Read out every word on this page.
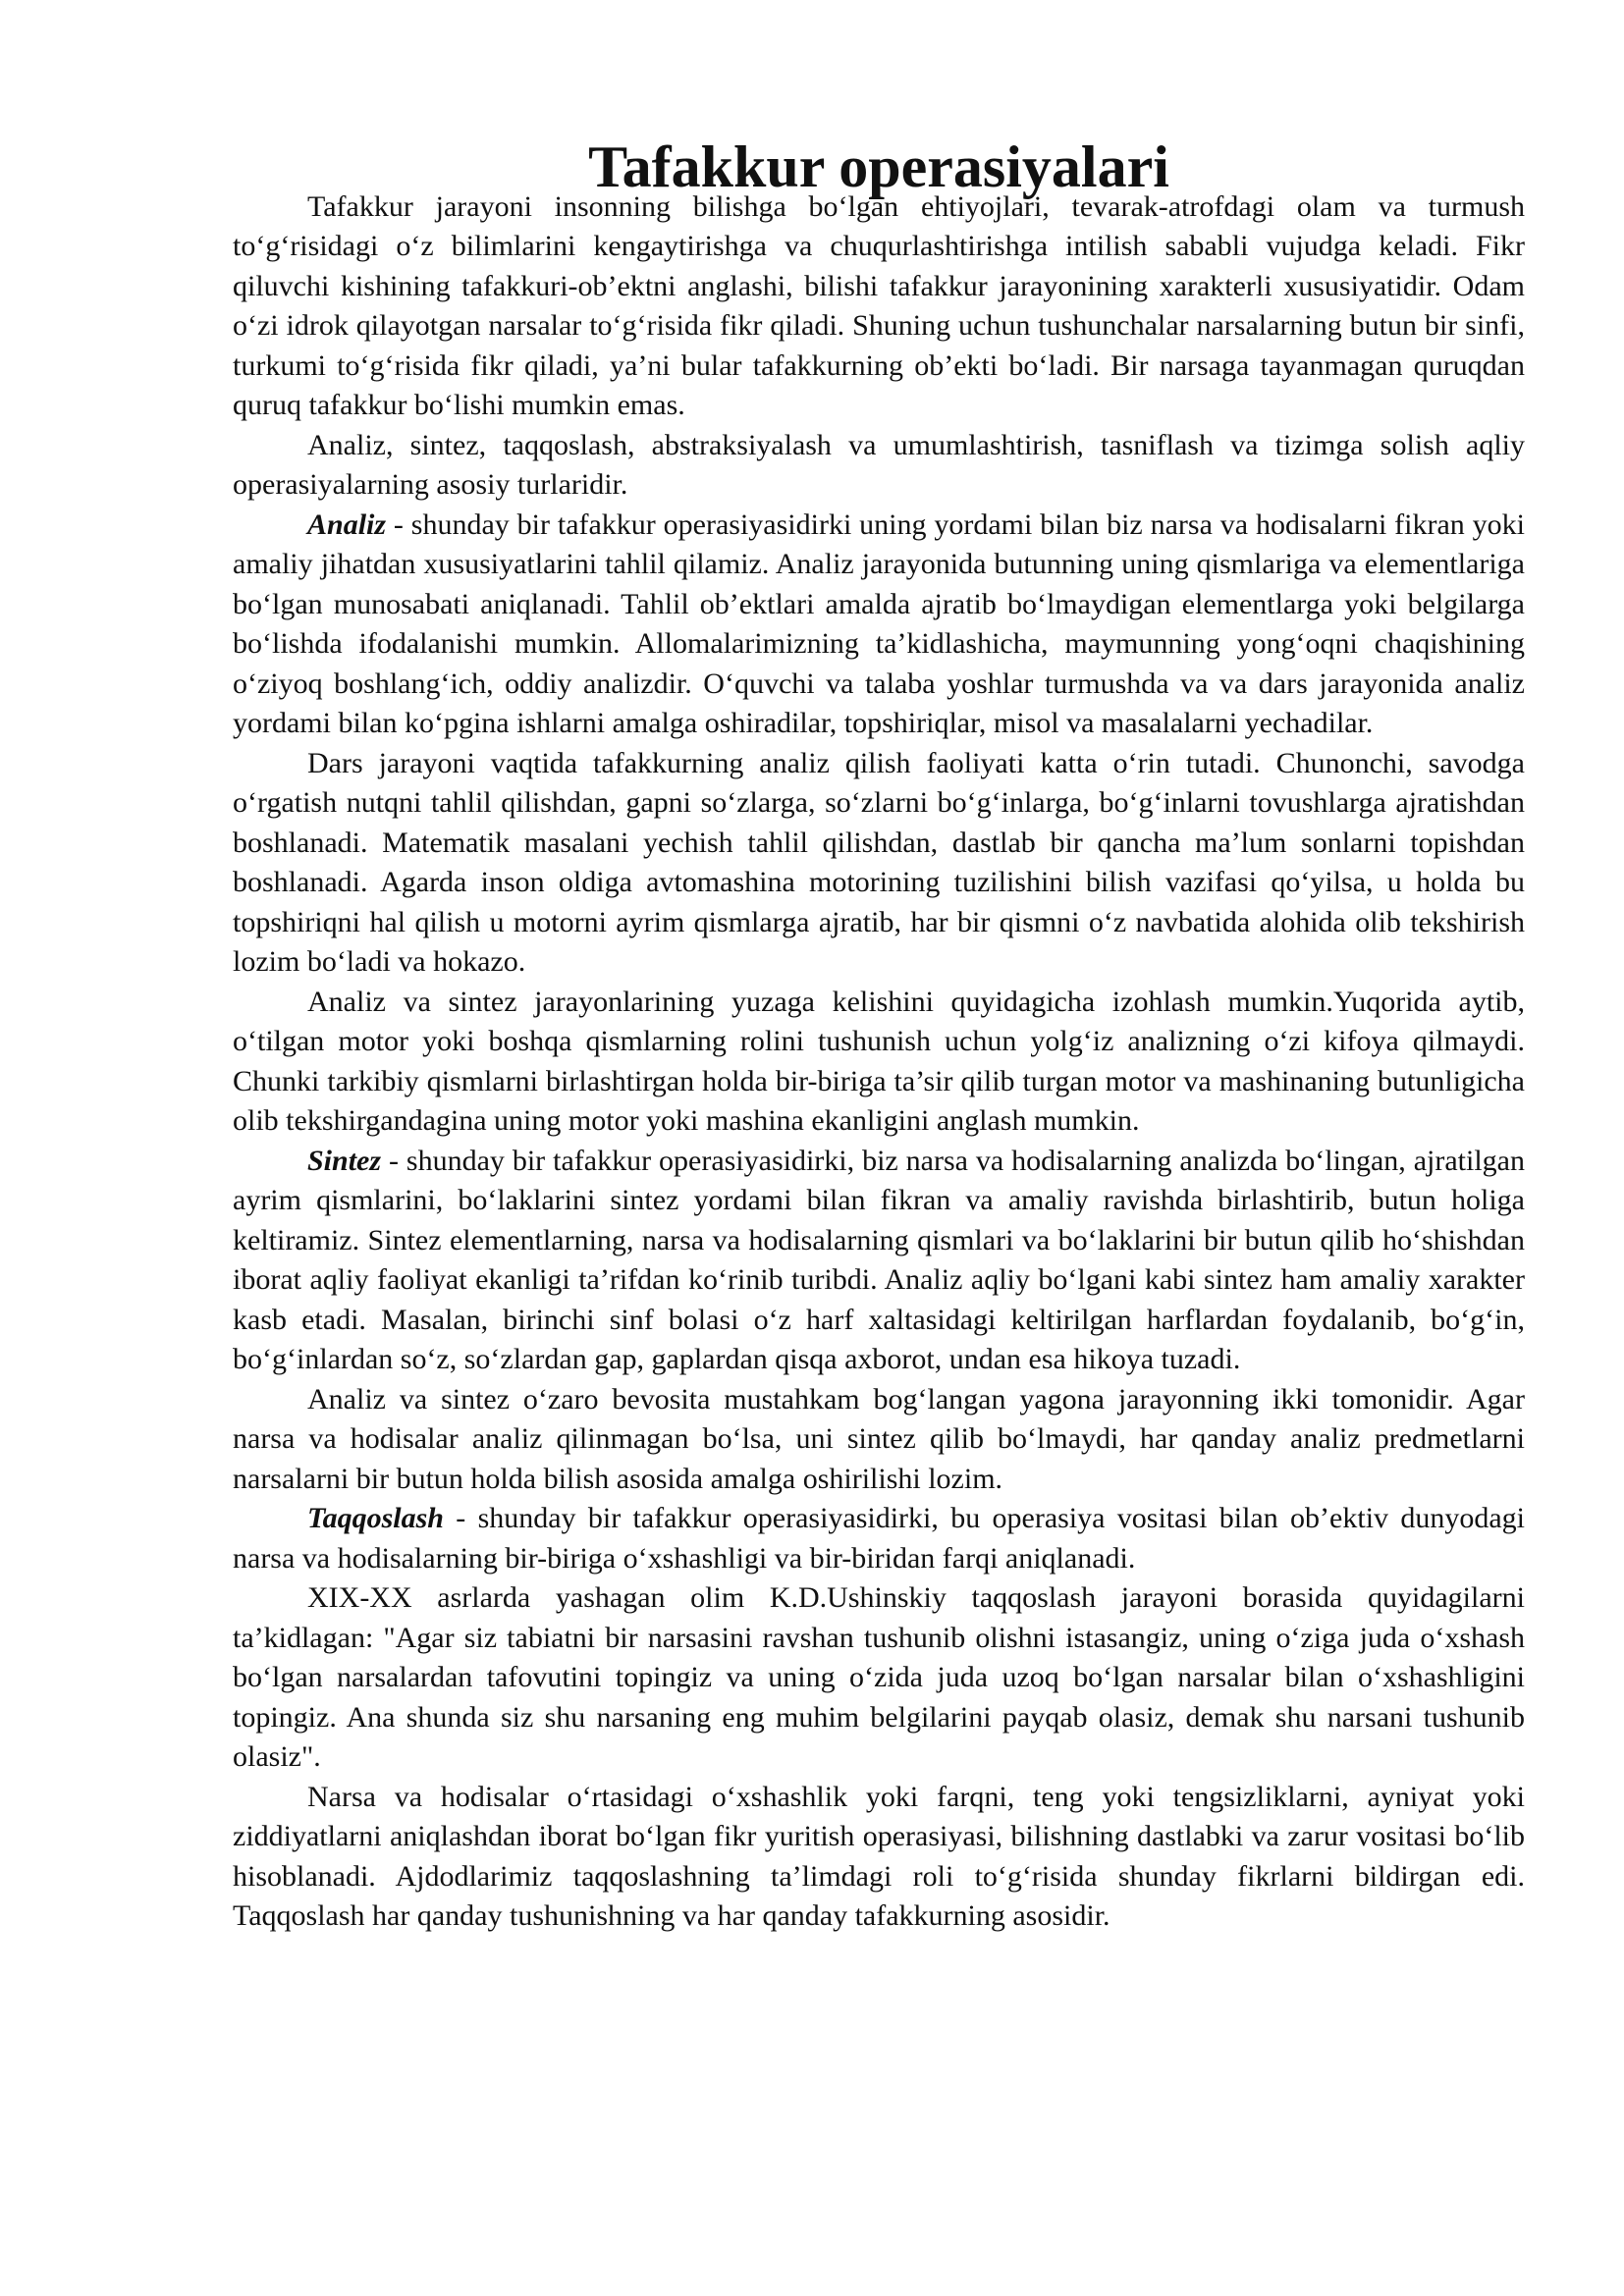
Tafakkur operasiyalari

Tafakkur jarayoni insonning bilishga bo‘lgan ehtiyojlari, tevarak-atrofdagi olam va turmush to‘g‘risidagi o‘z bilimlarini kengaytirishga va chuqurlashtirishga intilish sababli vujudga keladi. Fikr qiluvchi kishining tafakkuri-ob’ektni anglashi, bilishi tafakkur jarayonining xarakterli xususiyatidir. Odam o‘zi idrok qilayotgan narsalar to‘g‘risida fikr qiladi. Shuning uchun tushunchalar narsalarning butun bir sinfi, turkumi to‘g‘risida fikr qiladi, ya’ni bular tafakkurning ob’ekti bo‘ladi. Bir narsaga tayanmagan quruqdan quruq tafakkur bo‘lishi mumkin emas.

Analiz, sintez, taqqoslash, abstraksiyalash va umumlashtirish, tasniflash va tizimga solish aqliy operasiyalarning asosiy turlaridir.

Analiz - shunday bir tafakkur operasiyasidirki uning yordami bilan biz narsa va hodisalarni fikran yoki amaliy jihatdan xususiyatlarini tahlil qilamiz. Analiz jarayonida butunning uning qismlariga va elementlariga bo‘lgan munosabati aniqlanadi. Tahlil ob’ektlari amalda ajratib bo‘lmaydigan elementlarga yoki belgilarga bo‘lishda ifodalanishi mumkin. Allomalarimizning ta’kidlashicha, maymunning yong‘oqni chaqishining o‘ziyoq boshlang‘ich, oddiy analizdir. O‘quvchi va talaba yoshlar turmushda va va dars jarayonida analiz yordami bilan ko‘pgina ishlarni amalga oshiradilar, topshiriqlar, misol va masalalarni yechadilar.

Dars jarayoni vaqtida tafakkurning analiz qilish faoliyati katta o‘rin tutadi. Chunonchi, savodga o‘rgatish nutqni tahlil qilishdan, gapni so‘zlarga, so‘zlarni bo‘g‘inlarga, bo‘g‘inlarni tovushlarga ajratishdan boshlanadi. Matematik masalani yechish tahlil qilishdan, dastlab bir qancha ma’lum sonlarni topishdan boshlanadi. Agarda inson oldiga avtomashina motorining tuzilishini bilish vazifasi qo‘yilsa, u holda bu topshiriqni hal qilish u motorni ayrim qismlarga ajratib, har bir qismni o‘z navbatida alohida olib tekshirish lozim bo‘ladi va hokazo.

Analiz va sintez jarayonlarining yuzaga kelishini quyidagicha izohlash mumkin.Yuqorida aytib, o‘tilgan motor yoki boshqa qismlarning rolini tushunish uchun yolg‘iz analizning o‘zi kifoya qilmaydi. Chunki tarkibiy qismlarni birlashtirgan holda bir-biriga ta’sir qilib turgan motor va mashinaning butunligicha olib tekshirgandagina uning motor yoki mashina ekanligini anglash mumkin.

Sintez - shunday bir tafakkur operasiyasidirki, biz narsa va hodisalarning analizda bo‘lingan, ajratilgan ayrim qismlarini, bo‘laklarini sintez yordami bilan fikran va amaliy ravishda birlashtirib, butun holiga keltiramiz. Sintez elementlarning, narsa va hodisalarning qismlari va bo‘laklarini bir butun qilib ho‘shishdan iborat aqliy faoliyat ekanligi ta’rifdan ko‘rinib turibdi. Analiz aqliy bo‘lgani kabi sintez ham amaliy xarakter kasb etadi. Masalan, birinchi sinf bolasi o‘z harf xaltasidagi keltirilgan harflardan foydalanib, bo‘g‘in, bo‘g‘inlardan so‘z, so‘zlardan gap, gaplardan qisqa axborot, undan esa hikoya tuzadi.

Analiz va sintez o‘zaro bevosita mustahkam bog‘langan yagona jarayonning ikki tomonidir. Agar narsa va hodisalar analiz qilinmagan bo‘lsa, uni sintez qilib bo‘lmaydi, har qanday analiz predmetlarni narsalarni bir butun holda bilish asosida amalga oshirilishi lozim.

Taqqoslash - shunday bir tafakkur operasiyasidirki, bu operasiya vositasi bilan ob’ektiv dunyodagi narsa va hodisalarning bir-biriga o‘xshashligi va bir-biridan farqi aniqlanadi.

XIX-XX asrlarda yashagan olim K.D.Ushinskiy taqqoslash jarayoni borasida quyidagilarni ta’kidlagan: "Agar siz tabiatni bir narsasini ravshan tushunib olishni istasangiz, uning o‘ziga juda o‘xshash bo‘lgan narsalardan tafovutini topingiz va uning o‘zida juda uzoq bo‘lgan narsalar bilan o‘xshashligini topingiz. Ana shunda siz shu narsaning eng muhim belgilarini payqab olasiz, demak shu narsani tushunib olasiz".

Narsa va hodisalar o‘rtasidagi o‘xshashlik yoki farqni, teng yoki tengsizliklarni, ayniyat yoki ziddiyatlarni aniqlashdan iborat bo‘lgan fikr yuritish operasiyasi, bilishning dastlabki va zarur vositasi bo‘lib hisoblanadi. Ajdodlarimiz taqqoslashning ta’limdagi roli to‘g‘risida shunday fikrlarni bildirgan edi. Taqqoslash har qanday tushunishning va har qanday tafakkurning asosidir.
